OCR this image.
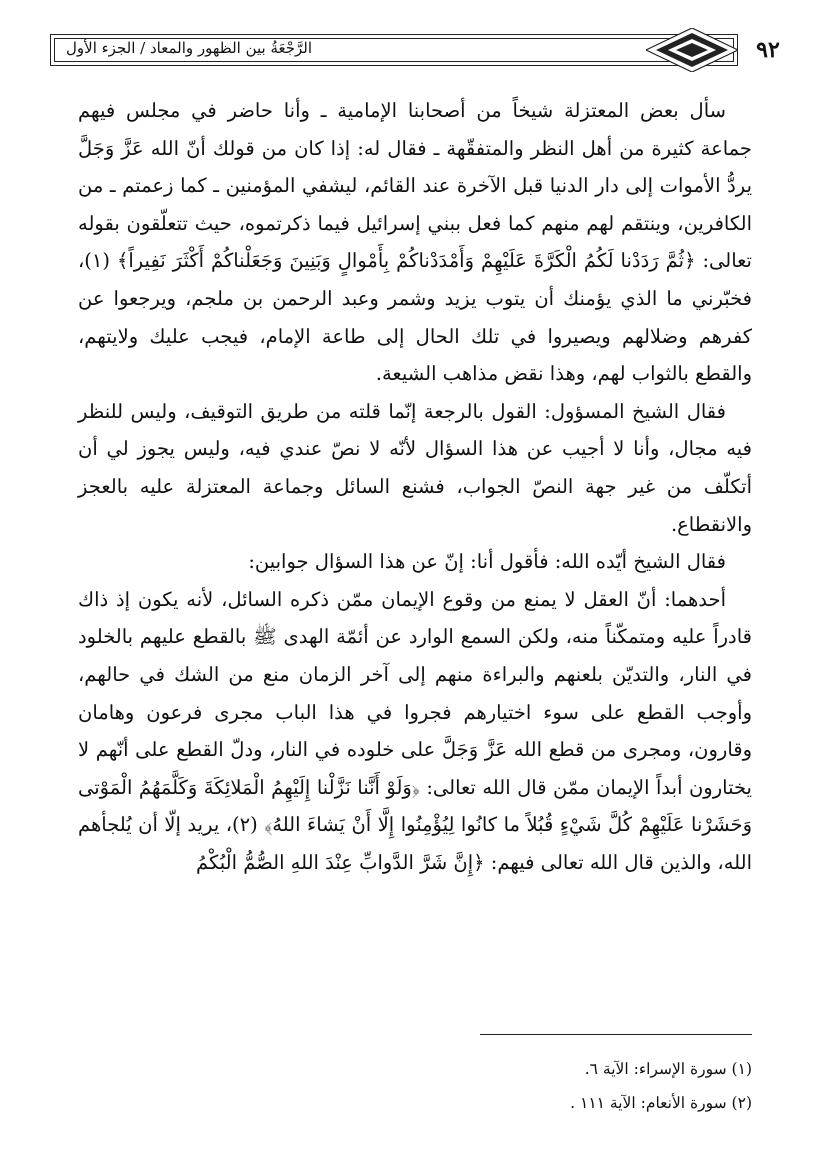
الرَّجْعَةُ بين الظهور والمعاد / الجزء الأول	٩٢

سأل بعض المعتزلة شيخاً من أصحابنا الإمامية ـ وأنا حاضر في مجلس فيهم جماعة كثيرة من أهل النظر والمتفقّهة ـ فقال له: إذا كان من قولك أنّ الله عَزَّ وَجَلَّ يردُّ الأموات إلى دار الدنيا قبل الآخرة عند القائم، ليشفي المؤمنين ـ كما زعمتم ـ من الكافرين، وينتقم لهم منهم كما فعل ببني إسرائيل فيما ذكرتموه، حيث تتعلّقون بقوله تعالى: ﴿ثُمَّ رَدَدْنا لَكُمُ الْكَرَّةَ عَلَيْهِمْ وَأَمْدَدْناكُمْ بِأَمْوالٍ وَبَنِينَ وَجَعَلْناكُمْ أَكْثَرَ نَفِيراً﴾ (١)، فخبّرني ما الذي يؤمنك أن يتوب يزيد وشمر وعبد الرحمن بن ملجم، ويرجعوا عن كفرهم وضلالهم ويصيروا في تلك الحال إلى طاعة الإمام، فيجب عليك ولايتهم، والقطع بالثواب لهم، وهذا نقض مذاهب الشيعة.

فقال الشيخ المسؤول: القول بالرجعة إنّما قلته من طريق التوقيف، وليس للنظر فيه مجال، وأنا لا أجيب عن هذا السؤال لأنّه لا نصّ عندي فيه، وليس يجوز لي أن أتكلّف من غير جهة النصّ الجواب، فشنع السائل وجماعة المعتزلة عليه بالعجز والانقطاع.

فقال الشيخ أيّده الله: فأقول أنا: إنّ عن هذا السؤال جوابين:

أحدهما: أنّ العقل لا يمنع من وقوع الإيمان ممّن ذكره السائل، لأنه يكون إذ ذاك قادراً عليه ومتمكّناً منه، ولكن السمع الوارد عن أئمّة الهدى ﷺ بالقطع عليهم بالخلود في النار، والتديّن بلعنهم والبراءة منهم إلى آخر الزمان منع من الشك في حالهم، وأوجب القطع على سوء اختيارهم فجروا في هذا الباب مجرى فرعون وهامان وقارون، ومجرى من قطع الله عَزَّ وَجَلَّ على خلوده في النار، ودلّ القطع على أنّهم لا يختارون أبداً الإيمان ممّن قال الله تعالى: ﴿وَلَوْ أَنَّنا نَزَّلْنا إِلَيْهِمُ الْمَلائِكَةَ وَكَلَّمَهُمُ الْمَوْتى وَحَشَرْنا عَلَيْهِمْ كُلَّ شَيْءٍ قُبُلاً ما كانُوا لِيُؤْمِنُوا إِلَّا أَنْ يَشاءَ اللهُ﴾ (٢)، يريد إلّا أن يُلجأهم الله، والذين قال الله تعالى فيهم: ﴿إِنَّ شَرَّ الدَّوابِّ عِنْدَ اللهِ الصُّمُّ الْبُكْمُ

(١) سورة الإسراء: الآية ٦.

(٢) سورة الأنعام: الآية ١١١ .
